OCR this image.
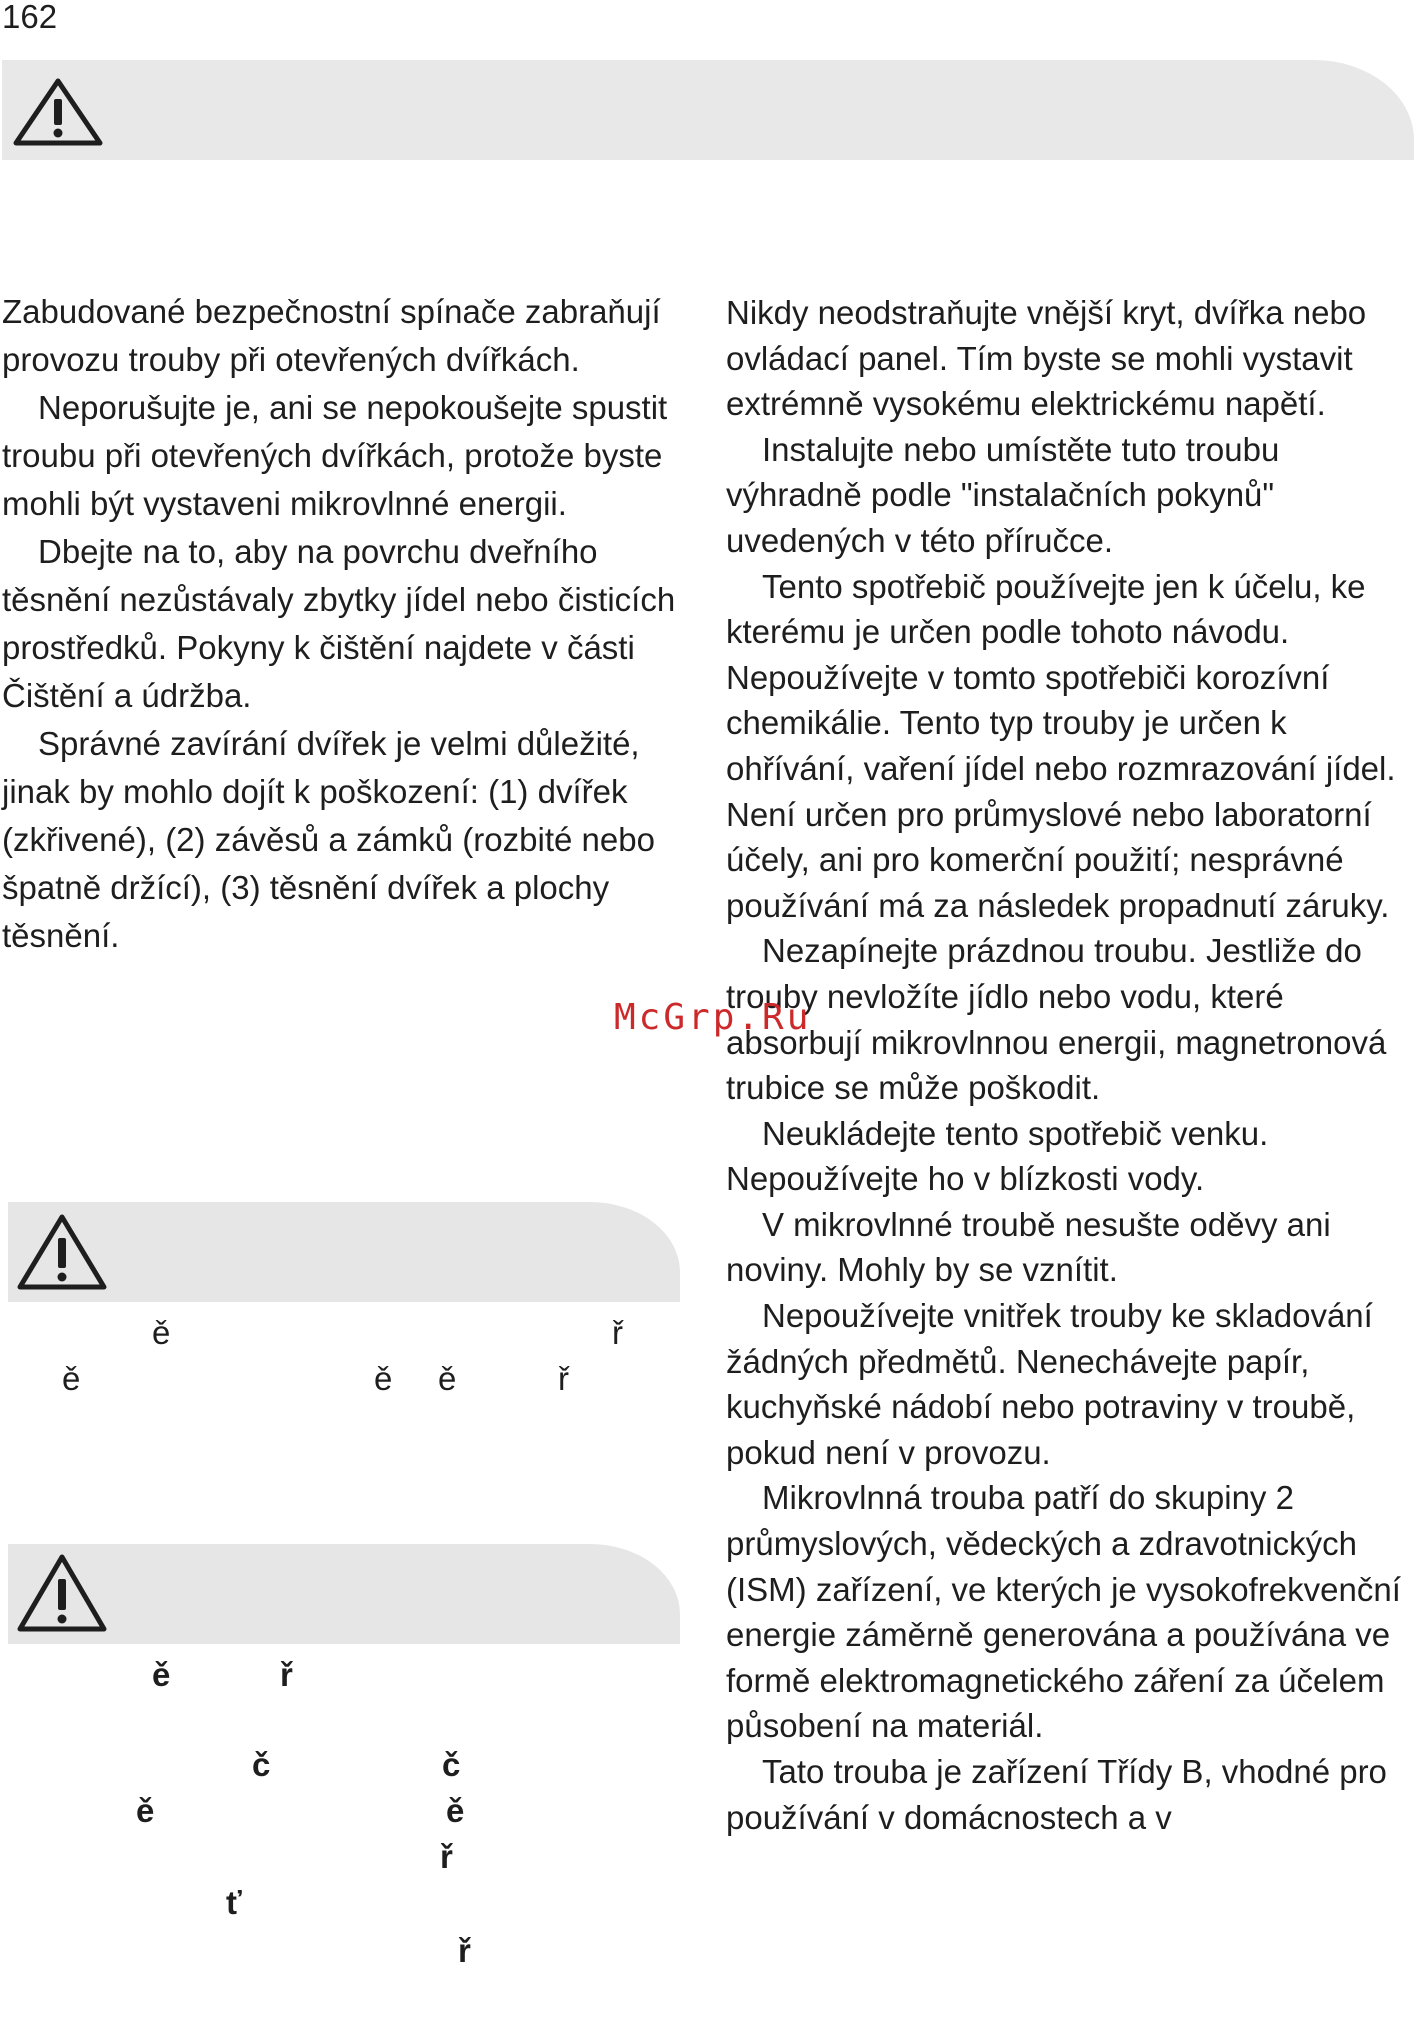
162

Zabudované bezpečnostní spínače zabraňují provozu trouby při otevřených dvířkách.

Neporušujte je, ani se nepokoušejte spustit troubu při otevřených dvířkách, protože byste mohli být vystaveni mikrovlnné energii.

Dbejte na to, aby na povrchu dveřního těsnění nezůstávaly zbytky jídel nebo čisticích prostředků. Pokyny k čištění najdete v části Čištění a údržba.

Správné zavírání dvířek je velmi důležité, jinak by mohlo dojít k poškození: (1) dvířek (zkřivené), (2) závěsů a zámků (rozbité nebo špatně držící), (3) těsnění dvířek a plochy těsnění.

Nikdy neodstraňujte vnější kryt, dvířka nebo ovládací panel. Tím byste se mohli vystavit extrémně vysokému elektrickému napětí.

Instalujte nebo umístěte tuto troubu výhradně podle "instalačních pokynů" uvedených v této příručce.

Tento spotřebič používejte jen k účelu, ke kterému je určen podle tohoto návodu. Nepoužívejte v tomto spotřebiči korozívní chemikálie. Tento typ trouby je určen k ohřívání, vaření jídel nebo rozmrazování jídel. Není určen pro průmyslové nebo laboratorní účely, ani pro komerční použití; nesprávné používání má za následek propadnutí záruky.

Nezapínejte prázdnou troubu. Jestliže do trouby nevložíte jídlo nebo vodu, které absorbují mikrovlnnou energii, magnetronová trubice se může poškodit.

Neukládejte tento spotřebič venku. Nepoužívejte ho v blízkosti vody.

V mikrovlnné troubě nesušte oděvy ani noviny. Mohly by se vznítit.

Nepoužívejte vnitřek trouby ke skladování žádných předmětů. Nenechávejte papír, kuchyňské nádobí nebo potraviny v troubě, pokud není v provozu.

Mikrovlnná trouba patří do skupiny 2 průmyslových, vědeckých a zdravotnických (ISM) zařízení, ve kterých je vysokofrekvenční energie záměrně generována a používána ve formě elektromagnetického záření za účelem působení na materiál.

Tato trouba je zařízení Třídy B, vhodné pro používání v domácnostech a v

ě	ř
ě	ě ě	ř
ě	ř
č	č
ě	ě
ř
ť
ř
McGrp.Ru
